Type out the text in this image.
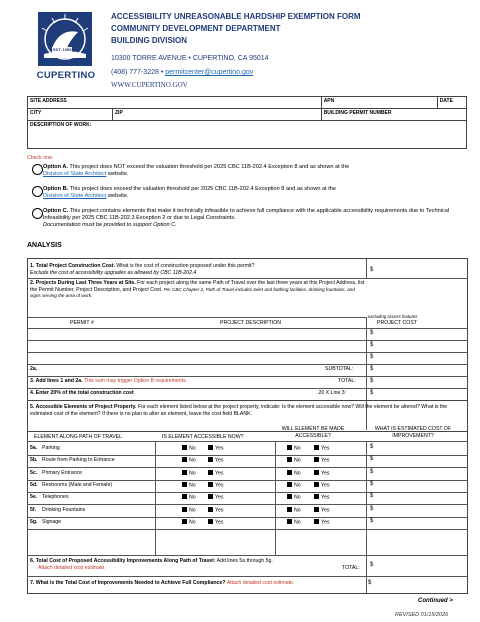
EST. 1955
CUPERTINO
ACCESSIBILITY UNREASONABLE HARDSHIP EXEMPTION FORM
COMMUNITY DEVELOPMENT DEPARTMENT
BUILDING DIVISION
10300 TORRE AVENUE • CUPERTINO, CA 95014
(408) 777-3228 • permitcenter@cupertino.gov
WWW.CUPERTINO.GOV
SITE ADDRESS		APN	DATE
CITY	ZIP	BUILDING PERMIT NUMBER	
DESCRIPTION OF WORK:			
Check one:
Option A. This project does NOT exceed the valuation threshold per 2025 CBC 11B-202.4 Exception 8 and as shown at the
Division of State Architect website.
Option B. This project does exceed the valuation threshold per 2025 CBC 11B-202.4 Exception 8 and as shown at the
Division of State Architect website.
Option C. This project contains elements that make it technically infeasible to achieve full compliance with the applicable accessibility requirements due to Technical Infeasibility per 2025 CBC 11B-202.3 Exception 2 or due to Legal Constraints.
Documentation must be provided to support Option C.
ANALYSIS
1. Total Project Construction Cost. What is the cost of construction proposed under this permit?
Exclude the cost of accessibility upgrades as allowed by CBC 11B-202.4	$
2. Projects During Last Three Years at Site. For each project along the same Path of Travel over the last three years at this Project Address, list the Permit Number, Project Description, and Project Cost. Per CBC Chapter 2, Path of Travel includes toilet and bathing facilities, drinking fountains, and signs serving the area of work.
excluding access features
PERMIT #	PROJECT DESCRIPTION	PROJECT COST
$
$
$
2a.	SUBTOTAL:	$
3. Add lines 1 and 2a. This sum may trigger Option B requirements.	TOTAL: $
4. Enter 20% of the total construction cost	.20 X Line 3:	$
5. Accessible Elements of Project Property. For each element listed below at the project property, indicate: Is the element accessible now? Will the element be altered? What is the estimated cost of the element? If there is no plan to alter an element, leave the cost field BLANK.
ELEMENT ALONG PATH OF TRAVEL	IS ELEMENT ACCESSIBLE NOW?
WILL ELEMENT BE MADE ACCESSIBLE?
WHAT IS ESTIMATED COST OF IMPROVEMENT?
5a. Parking	No	Yes	No	Yes	$
5b. Route from Parking to Entrance	No	Yes	No	Yes	$
5c. Primary Entrance	No	Yes	No	Yes	$
5d. Restrooms (Male and Female)	No	Yes	No	Yes	$
5e. Telephones	No	Yes	No	Yes	$
5f. Drinking Fountains	No	Yes	No	Yes	$
5g. Signage	No	Yes	No	Yes	$
6. Total Cost of Proposed Accessibility Improvements Along Path of Travel: Add lines 5a through 5g.
Attach detailed cost estimate.	TOTAL: $
7. What is the Total Cost of Improvements Needed to Achieve Full Compliance? Attach detailed cost estimate.	$
Continued >
REVISED 01/15/2026
